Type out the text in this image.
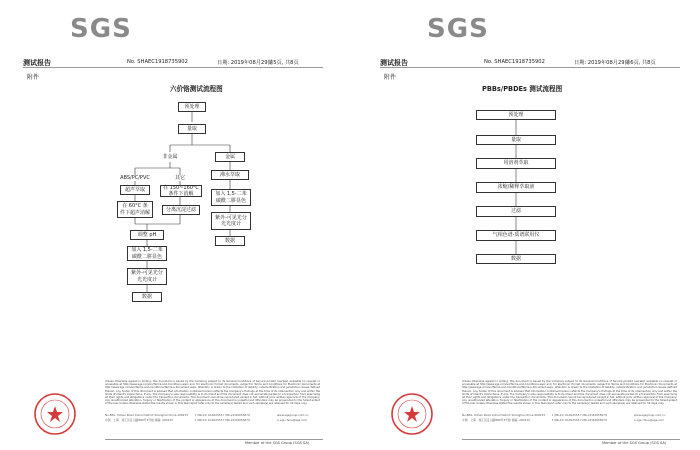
SGS
测试报告	No. SHAEC1918735902	日期: 2019年08月29日
第5页, 共8页
附件
六价铬测试流程图
预处理
量取
非金属	金属
ABS/PC/PVC	其它
超声萃取	在 150~160°C 条件下消解
在 60°C 条件下超声消解	分离沉淀过滤
沸水萃取
加入 1,5-二苯碳酰二肼显色
紫外-可见光分光光度计
数据
调整 pH
加入 1,5-二苯碳酰二肼显色
紫外-可见光分光光度计
数据
Unless otherwise agreed in writing, this document is issued by the Company subject to its General Conditions of Service printed overleaf, available on request or accessible at http://www.sgs.com/en/Terms-and-Conditions.aspx and, for electronic format documents, subject to Terms and Conditions for Electronic Documents at http://www.sgs.com/en/Terms-and-Conditions/Terms-e-Document.aspx. Attention is drawn to the limitation of liability, indemnification and jurisdiction issues defined therein. Any holder of this document is advised that information contained hereon reflects the Company's findings at the time of its intervention only and within the limits of Client's instructions, if any. The Company's sole responsibility is to its Client and this document does not exonerate parties to a transaction from exercising all their rights and obligations under the transaction documents. This document cannot be reproduced except in full, without prior written approval of the Company. Any unauthorized alteration, forgery or falsification of the content or appearance of this document is unlawful and offenders may be prosecuted to the fullest extent of the law. Unless otherwise stated the results shown in this test report refer only to the sample(s) tested and such sample(s) are retained for 30 days only.
No.889, Yishan Road Xuhui District Shanghai China 200233
中国 · 上海 · 徐汇区宜山路889号3号楼 邮编: 200233
t (86-21) 61402553 f (86-21)64953679
t (86-21) 61402553 f (86-21)64953679
www.sgsgroup.com.cn
e sgs.china@sgs.com
Member of the SGS Group (SGS SA)
SGS
测试报告	No. SHAEC1918735902	日期: 2019年08月29日
第6页, 共8页
附件
PBBs/PBDEs 测试流程图
预处理
量取
用溶剂萃取
浓缩/稀释萃取液
过滤
气相色谱-质谱联用仪
数据
Unless otherwise agreed in writing, this document is issued by the Company subject to its General Conditions of Service printed overleaf, available on request or accessible at http://www.sgs.com/en/Terms-and-Conditions.aspx and, for electronic format documents, subject to Terms and Conditions for Electronic Documents at http://www.sgs.com/en/Terms-and-Conditions/Terms-e-Document.aspx. Attention is drawn to the limitation of liability, indemnification and jurisdiction issues defined therein. Any holder of this document is advised that information contained hereon reflects the Company's findings at the time of its intervention only and within the limits of Client's instructions, if any. The Company's sole responsibility is to its Client and this document does not exonerate parties to a transaction from exercising all their rights and obligations under the transaction documents. This document cannot be reproduced except in full, without prior written approval of the Company. Any unauthorized alteration, forgery or falsification of the content or appearance of this document is unlawful and offenders may be prosecuted to the fullest extent of the law. Unless otherwise stated the results shown in this test report refer only to the sample(s) tested and such sample(s) are retained for 30 days only.
No.889, Yishan Road Xuhui District Shanghai China 200233
中国 · 上海 · 徐汇区宜山路889号3号楼 邮编: 200233
t (86-21) 61402553 f (86-21)64953679
t (86-21) 61402553 f (86-21)64953679
www.sgsgroup.com.cn
e sgs.china@sgs.com
Member of the SGS Group (SGS SA)
